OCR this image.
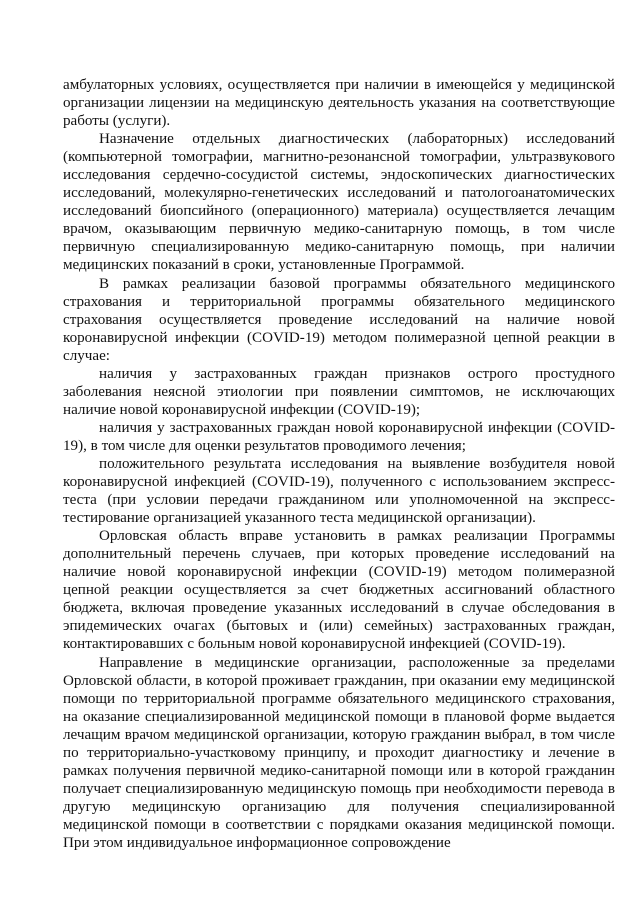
амбулаторных условиях, осуществляется при наличии в имеющейся у медицинской организации лицензии на медицинскую деятельность указания на соответствующие работы (услуги).

Назначение отдельных диагностических (лабораторных) исследований (компьютерной томографии, магнитно-резонансной томографии, ультразвукового исследования сердечно-сосудистой системы, эндоскопических диагностических исследований, молекулярно-генетических исследований и патологоанатомических исследований биопсийного (операционного) материала) осуществляется лечащим врачом, оказывающим первичную медико-санитарную помощь, в том числе первичную специализированную медико-санитарную помощь, при наличии медицинских показаний в сроки, установленные Программой.

В рамках реализации базовой программы обязательного медицинского страхования и территориальной программы обязательного медицинского страхования осуществляется проведение исследований на наличие новой коронавирусной инфекции (COVID-19) методом полимеразной цепной реакции в случае:

наличия у застрахованных граждан признаков острого простудного заболевания неясной этиологии при появлении симптомов, не исключающих наличие новой коронавирусной инфекции (COVID-19);

наличия у застрахованных граждан новой коронавирусной инфекции (COVID-19), в том числе для оценки результатов проводимого лечения;

положительного результата исследования на выявление возбудителя новой коронавирусной инфекцией (COVID-19), полученного с использованием экспресс-теста (при условии передачи гражданином или уполномоченной на экспресс-тестирование организацией указанного теста медицинской организации).

Орловская область вправе установить в рамках реализации Программы дополнительный перечень случаев, при которых проведение исследований на наличие новой коронавирусной инфекции (COVID-19) методом полимеразной цепной реакции осуществляется за счет бюджетных ассигнований областного бюджета, включая проведение указанных исследований в случае обследования в эпидемических очагах (бытовых и (или) семейных) застрахованных граждан, контактировавших с больным новой коронавирусной инфекцией (COVID-19).

Направление в медицинские организации, расположенные за пределами Орловской области, в которой проживает гражданин, при оказании ему медицинской помощи по территориальной программе обязательного медицинского страхования, на оказание специализированной медицинской помощи в плановой форме выдается лечащим врачом медицинской организации, которую гражданин выбрал, в том числе по территориально-участковому принципу, и проходит диагностику и лечение в рамках получения первичной медико-санитарной помощи или в которой гражданин получает специализированную медицинскую помощь при необходимости перевода в другую медицинскую организацию для получения специализированной медицинской помощи в соответствии с порядками оказания медицинской помощи. При этом индивидуальное информационное сопровождение
